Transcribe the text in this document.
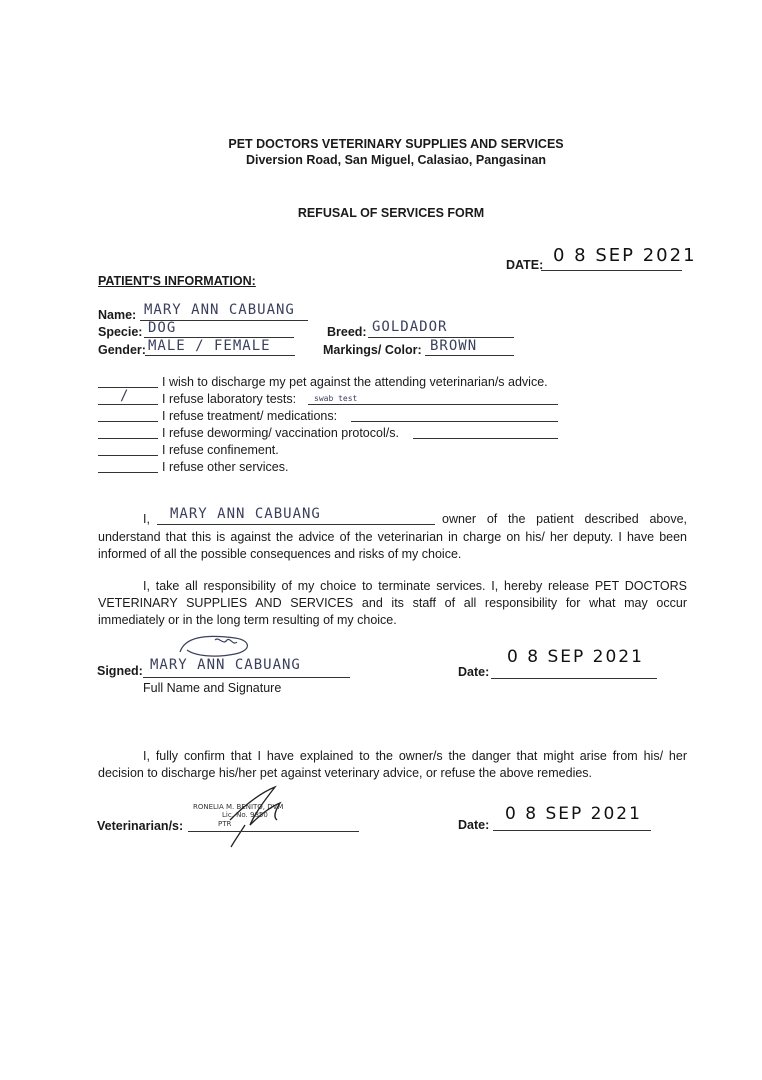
PET DOCTORS VETERINARY SUPPLIES AND SERVICES
Diversion Road, San Miguel, Calasiao, Pangasinan
REFUSAL OF SERVICES FORM
DATE: 0 8 SEP 2021
PATIENT'S INFORMATION:
Name: MARY ANN CABUANG
Specie: DOG
Gender: MALE / FEMALE
Breed: GOLDADOR
Markings/ Color: BROWN
I wish to discharge my pet against the attending veterinarian/s advice.
/	I refuse laboratory tests: swab test
I refuse treatment/ medications:
I refuse deworming/ vaccination protocol/s.
I refuse confinement.
I refuse other services.
I, MARY ANN CABUANG	owner of the patient described above,
understand that this is against the advice of the veterinarian in charge on his/ her deputy. I have been informed of all the possible consequences and risks of my choice.
I, take all responsibility of my choice to terminate services. I, hereby release PET DOCTORS VETERINARY SUPPLIES AND SERVICES and its staff of all responsibility for what may occur immediately or in the long term resulting of my choice.
Signed: MARY ANN CABUANG
Full Name and Signature
Date:
0 8 SEP 2021
I, fully confirm that I have explained to the owner/s the danger that might arise from his/ her decision to discharge his/her pet against veterinary advice, or refuse the above remedies.
RONELIA M. BENITO, DVM
Lic. No. 9850
PTR
Veterinarian/s:	Date:
0 8 SEP 2021
